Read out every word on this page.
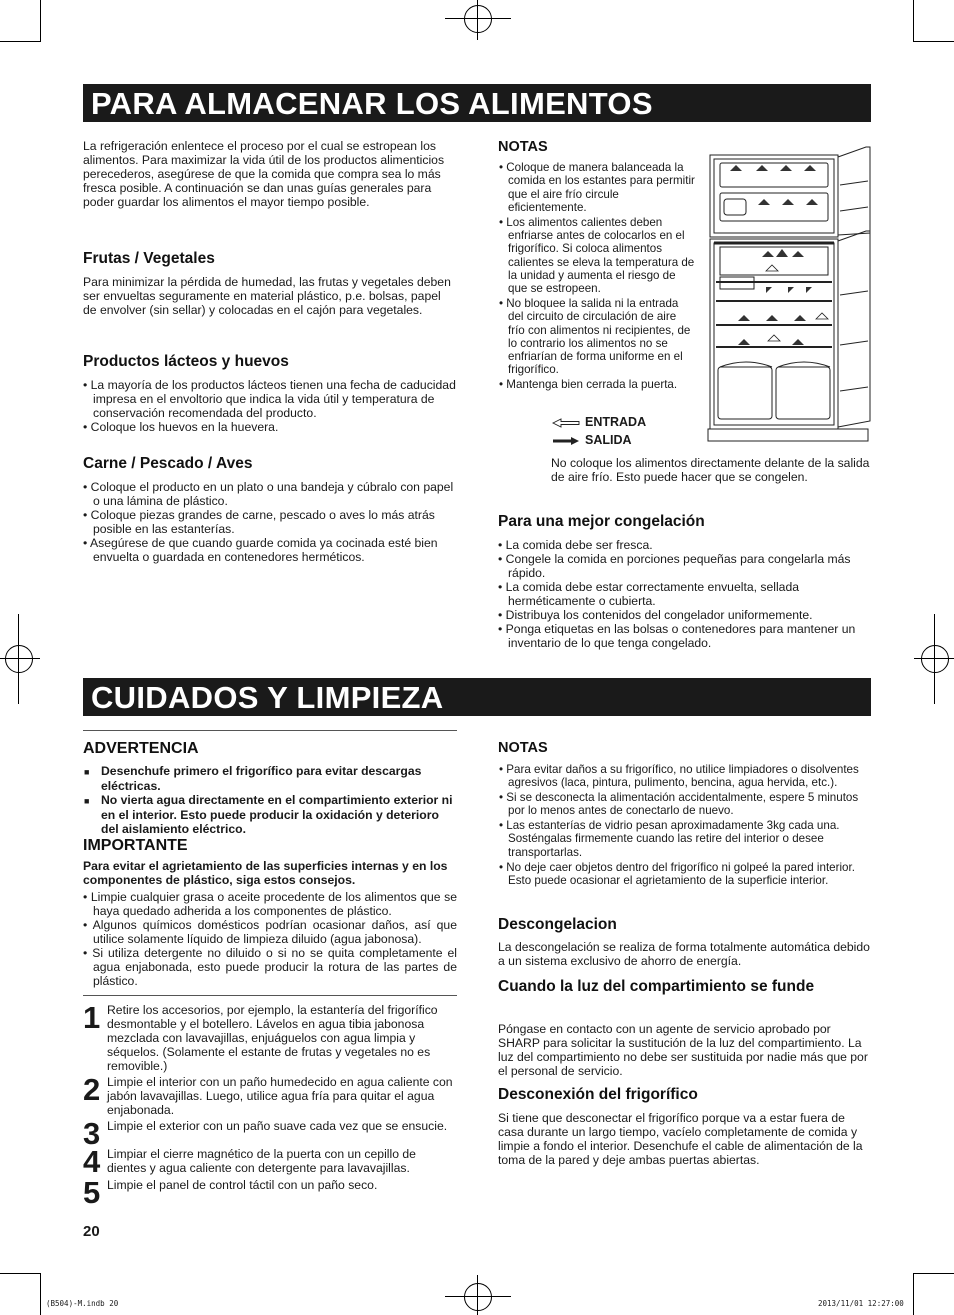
PARA ALMACENAR LOS ALIMENTOS

La refrigeración enlentece el proceso por el cual se estropean los alimentos. Para maximizar la vida útil de los productos alimenticios perecederos, asegúrese de que la comida que compra sea lo más fresca posible. A continuación se dan unas guías generales para poder guardar los alimentos el mayor tiempo posible.

Frutas / Vegetales

Para minimizar la pérdida de humedad, las frutas y vegetales deben ser envueltas seguramente en material plástico, p.e. bolsas, papel de envolver (sin sellar) y colocadas en el cajón para vegetales.

Productos lácteos y huevos
• La mayoría de los productos lácteos tienen una fecha de caducidad impresa en el envoltorio que indica la vida útil y temperatura de conservación recomendada del producto.
• Coloque los huevos en la huevera.
Carne / Pescado / Aves
• Coloque el producto en un plato o una bandeja y cúbralo con papel o una lámina de plástico.
• Coloque piezas grandes de carne, pescado o aves lo más atrás posible en las estanterías.
• Asegúrese de que cuando guarde comida ya cocinada esté bien envuelta o guardada en contenedores herméticos.
NOTAS
• Coloque de manera balanceada la comida en los estantes para permitir que el aire frío circule eficientemente.
• Los alimentos calientes deben enfriarse antes de colocarlos en el frigorífico. Si coloca alimentos calientes se eleva la temperatura de la unidad y aumenta el riesgo de que se estropeen.
• No bloquee la salida ni la entrada del circuito de circulación de aire frío con alimentos ni recipientes, de lo contrario los alimentos no se enfriarían de forma uniforme en el frigorífico.
• Mantenga bien cerrada la puerta.
ENTRADA
SALIDA

No coloque los alimentos directamente delante de la salida de aire frío. Esto puede hacer que se congelen.

Para una mejor congelación
• La comida debe ser fresca.
• Congele la comida en porciones pequeñas para congelarla más rápido.
• La comida debe estar correctamente envuelta, sellada herméticamente o cubierta.
• Distribuya los contenidos del congelador uniformemente.
• Ponga etiquetas en las bolsas o contenedores para mantener un inventario de lo que tenga congelado.
CUIDADOS Y LIMPIEZA
ADVERTENCIA
■ Desenchufe primero el frigorífico para evitar descargas eléctricas.
■ No vierta agua directamente en el compartimiento exterior ni en el interior. Esto puede producir la oxidación y deterioro del aislamiento eléctrico.
IMPORTANTE

Para evitar el agrietamiento de las superficies internas y en los componentes de plástico, siga estos consejos.

• Limpie cualquier grasa o aceite procedente de los alimentos que se haya quedado adherida a los componentes de plástico.
• Algunos químicos domésticos podrían ocasionar daños, así que utilice solamente líquido de limpieza diluido (agua jabonosa).
• Si utiliza detergente no diluido o si no se quita completamente el agua enjabonada, esto puede producir la rotura de las partes de plástico.
1 Retire los accesorios, por ejemplo, la estantería del frigorífico desmontable y el botellero. Lávelos en agua tibia jabonosa mezclada con lavavajillas, enjuáguelos con agua limpia y séquelos. (Solamente el estante de frutas y vegetales no es removible.)
2 Limpie el interior con un paño humedecido en agua caliente con jabón lavavajillas. Luego, utilice agua fría para quitar el agua enjabonada.
3 Limpie el exterior con un paño suave cada vez que se ensucie.
4 Limpiar el cierre magnético de la puerta con un cepillo de dientes y agua caliente con detergente para lavavajillas.
5 Limpie el panel de control táctil con un paño seco.
NOTAS
• Para evitar daños a su frigorífico, no utilice limpiadores o disolventes agresivos (laca, pintura, pulimento, bencina, agua hervida, etc.).
• Si se desconecta la alimentación accidentalmente, espere 5 minutos por lo menos antes de conectarlo de nuevo.
• Las estanterías de vidrio pesan aproximadamente 3kg cada una. Sosténgalas firmemente cuando las retire del interior o desee transportarlas.
• No deje caer objetos dentro del frigorífico ni golpeé la pared interior. Esto puede ocasionar el agrietamiento de la superficie interior.
Descongelacion

La descongelación se realiza de forma totalmente automática debido a un sistema exclusivo de ahorro de energía.

Cuando la luz del compartimiento se funde

Póngase en contacto con un agente de servicio aprobado por SHARP para solicitar la sustitución de la luz del compartimiento. La luz del compartimiento no debe ser sustituida por nadie más que por el personal de servicio.

Desconexión del frigorífico

Si tiene que desconectar el frigorífico porque va a estar fuera de casa durante un largo tiempo, vacíelo completamente de comida y limpie a fondo el interior. Desenchufe el cable de alimentación de la toma de la pared y deje ambas puertas abiertas.

20
(B504)-M.indb 20	2013/11/01 12:27:00
